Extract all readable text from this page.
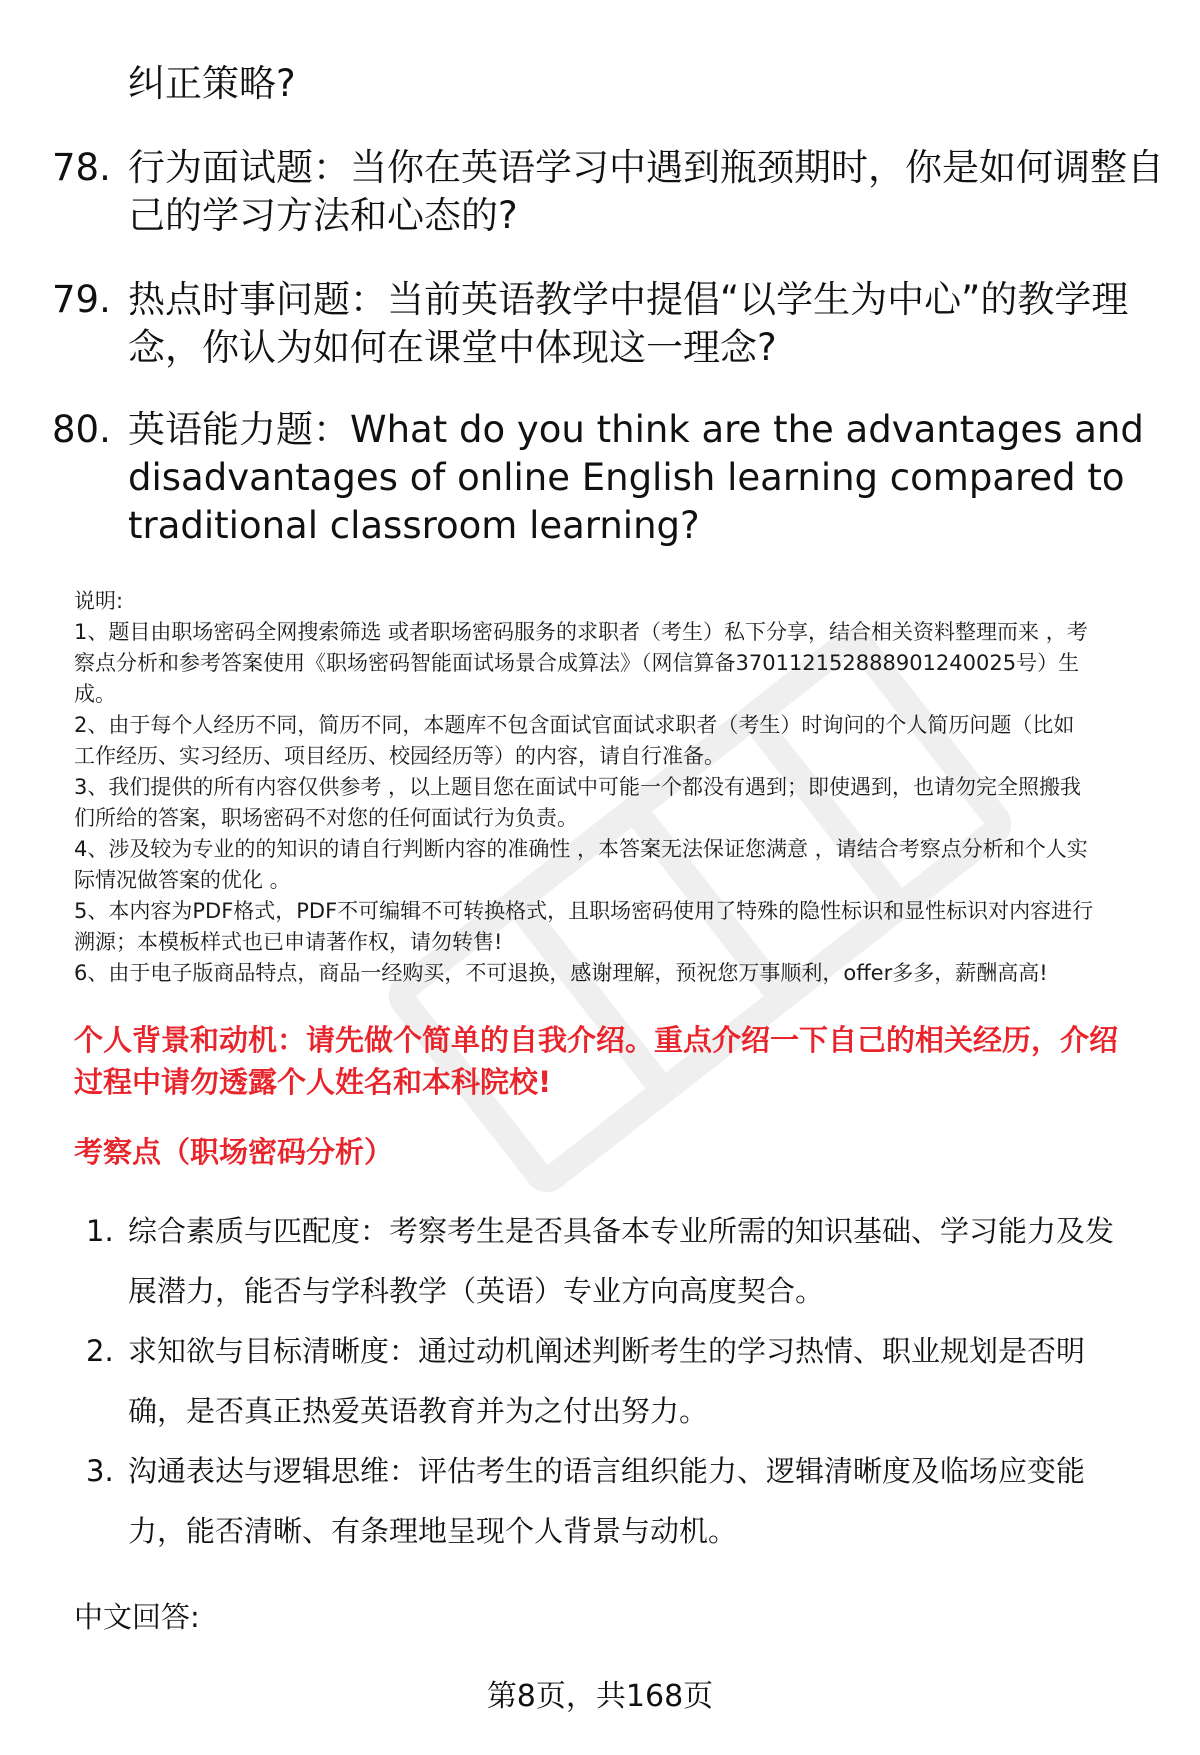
纠正策略?
78. 行为面试题：当你在英语学习中遇到瓶颈期时，你是如何调整自
己的学习方法和心态的?
79. 热点时事问题：当前英语教学中提倡“以学生为中心”的教学理
念，你认为如何在课堂中体现这一理念?
80. 英语能力题：What do you think are the advantages and
disadvantages of online English learning compared to
traditional classroom learning?

说明:

1、题目由职场密码全网搜索筛选 或者职场密码服务的求职者（考生）私下分享，结合相关资料整理而来 ，考

察点分析和参考答案使用《职场密码智能面试场景合成算法》（网信算备370112152888901240025号）生

成。

2、由于每个人经历不同，简历不同，本题库不包含面试官面试求职者（考生）时询问的个人简历问题（比如

工作经历、实习经历、项目经历、校园经历等）的内容，请自行准备。

3、我们提供的所有内容仅供参考 ，以上题目您在面试中可能一个都没有遇到；即使遇到，也请勿完全照搬我

们所给的答案，职场密码不对您的任何面试行为负责。

4、涉及较为专业的的知识的请自行判断内容的准确性 ，本答案无法保证您满意 ，请结合考察点分析和个人实

际情况做答案的优化 。

5、本内容为PDF格式，PDF不可编辑不可转换格式，且职场密码使用了特殊的隐性标识和显性标识对内容进行

溯源；本模板样式也已申请著作权，请勿转售!

6、由于电子版商品特点，商品一经购买，不可退换，感谢理解，预祝您万事顺利，offer多多，薪酬高高!

个人背景和动机：请先做个简单的自我介绍。重点介绍一下自己的相关经历，介绍
过程中请勿透露个人姓名和本科院校!
考察点（职场密码分析）
1. 综合素质与匹配度：考察考生是否具备本专业所需的知识基础、学习能力及发
展潜力，能否与学科教学（英语）专业方向高度契合。
2. 求知欲与目标清晰度：通过动机阐述判断考生的学习热情、职业规划是否明
确，是否真正热爱英语教育并为之付出努力。
3. 沟通表达与逻辑思维：评估考生的语言组织能力、逻辑清晰度及临场应变能
力，能否清晰、有条理地呈现个人背景与动机。
中文回答:
第8页，共168页
